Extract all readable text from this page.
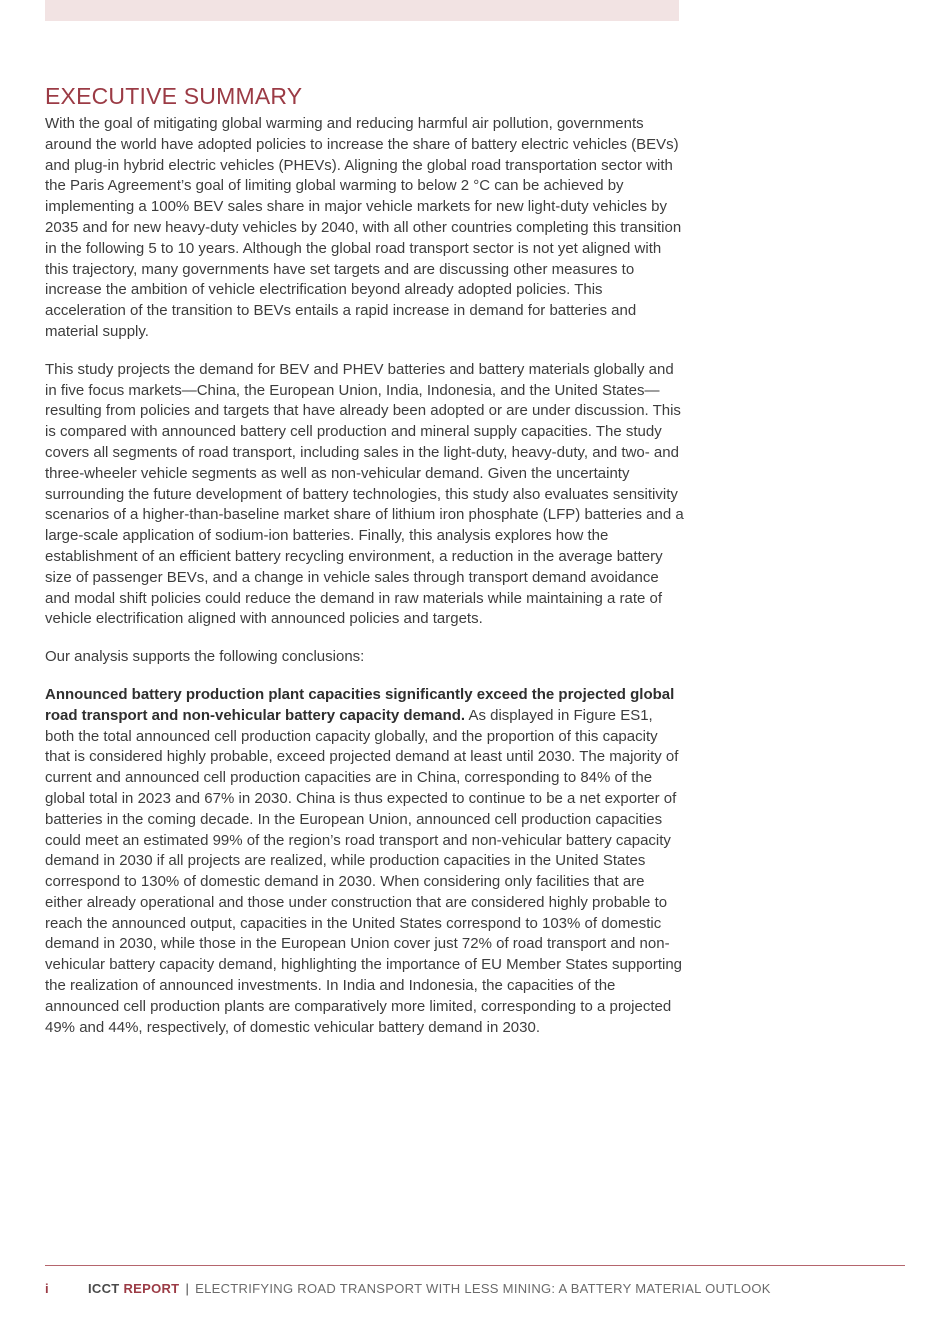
EXECUTIVE SUMMARY

With the goal of mitigating global warming and reducing harmful air pollution, governments around the world have adopted policies to increase the share of battery electric vehicles (BEVs) and plug-in hybrid electric vehicles (PHEVs). Aligning the global road transportation sector with the Paris Agreement’s goal of limiting global warming to below 2 °C can be achieved by implementing a 100% BEV sales share in major vehicle markets for new light-duty vehicles by 2035 and for new heavy-duty vehicles by 2040, with all other countries completing this transition in the following 5 to 10 years. Although the global road transport sector is not yet aligned with this trajectory, many governments have set targets and are discussing other measures to increase the ambition of vehicle electrification beyond already adopted policies. This acceleration of the transition to BEVs entails a rapid increase in demand for batteries and material supply.

This study projects the demand for BEV and PHEV batteries and battery materials globally and in five focus markets—China, the European Union, India, Indonesia, and the United States—resulting from policies and targets that have already been adopted or are under discussion. This is compared with announced battery cell production and mineral supply capacities. The study covers all segments of road transport, including sales in the light-duty, heavy-duty, and two- and three-wheeler vehicle segments as well as non-vehicular demand. Given the uncertainty surrounding the future development of battery technologies, this study also evaluates sensitivity scenarios of a higher-than-baseline market share of lithium iron phosphate (LFP) batteries and a large-scale application of sodium-ion batteries. Finally, this analysis explores how the establishment of an efficient battery recycling environment, a reduction in the average battery size of passenger BEVs, and a change in vehicle sales through transport demand avoidance and modal shift policies could reduce the demand in raw materials while maintaining a rate of vehicle electrification aligned with announced policies and targets.

Our analysis supports the following conclusions:

Announced battery production plant capacities significantly exceed the projected global road transport and non-vehicular battery capacity demand. As displayed in Figure ES1, both the total announced cell production capacity globally, and the proportion of this capacity that is considered highly probable, exceed projected demand at least until 2030. The majority of current and announced cell production capacities are in China, corresponding to 84% of the global total in 2023 and 67% in 2030. China is thus expected to continue to be a net exporter of batteries in the coming decade. In the European Union, announced cell production capacities could meet an estimated 99% of the region’s road transport and non-vehicular battery capacity demand in 2030 if all projects are realized, while production capacities in the United States correspond to 130% of domestic demand in 2030. When considering only facilities that are either already operational and those under construction that are considered highly probable to reach the announced output, capacities in the United States correspond to 103% of domestic demand in 2030, while those in the European Union cover just 72% of road transport and non-vehicular battery capacity demand, highlighting the importance of EU Member States supporting the realization of announced investments. In India and Indonesia, the capacities of the announced cell production plants are comparatively more limited, corresponding to a projected 49% and 44%, respectively, of domestic vehicular battery demand in 2030.

i	ICCT REPORT | ELECTRIFYING ROAD TRANSPORT WITH LESS MINING: A BATTERY MATERIAL OUTLOOK
